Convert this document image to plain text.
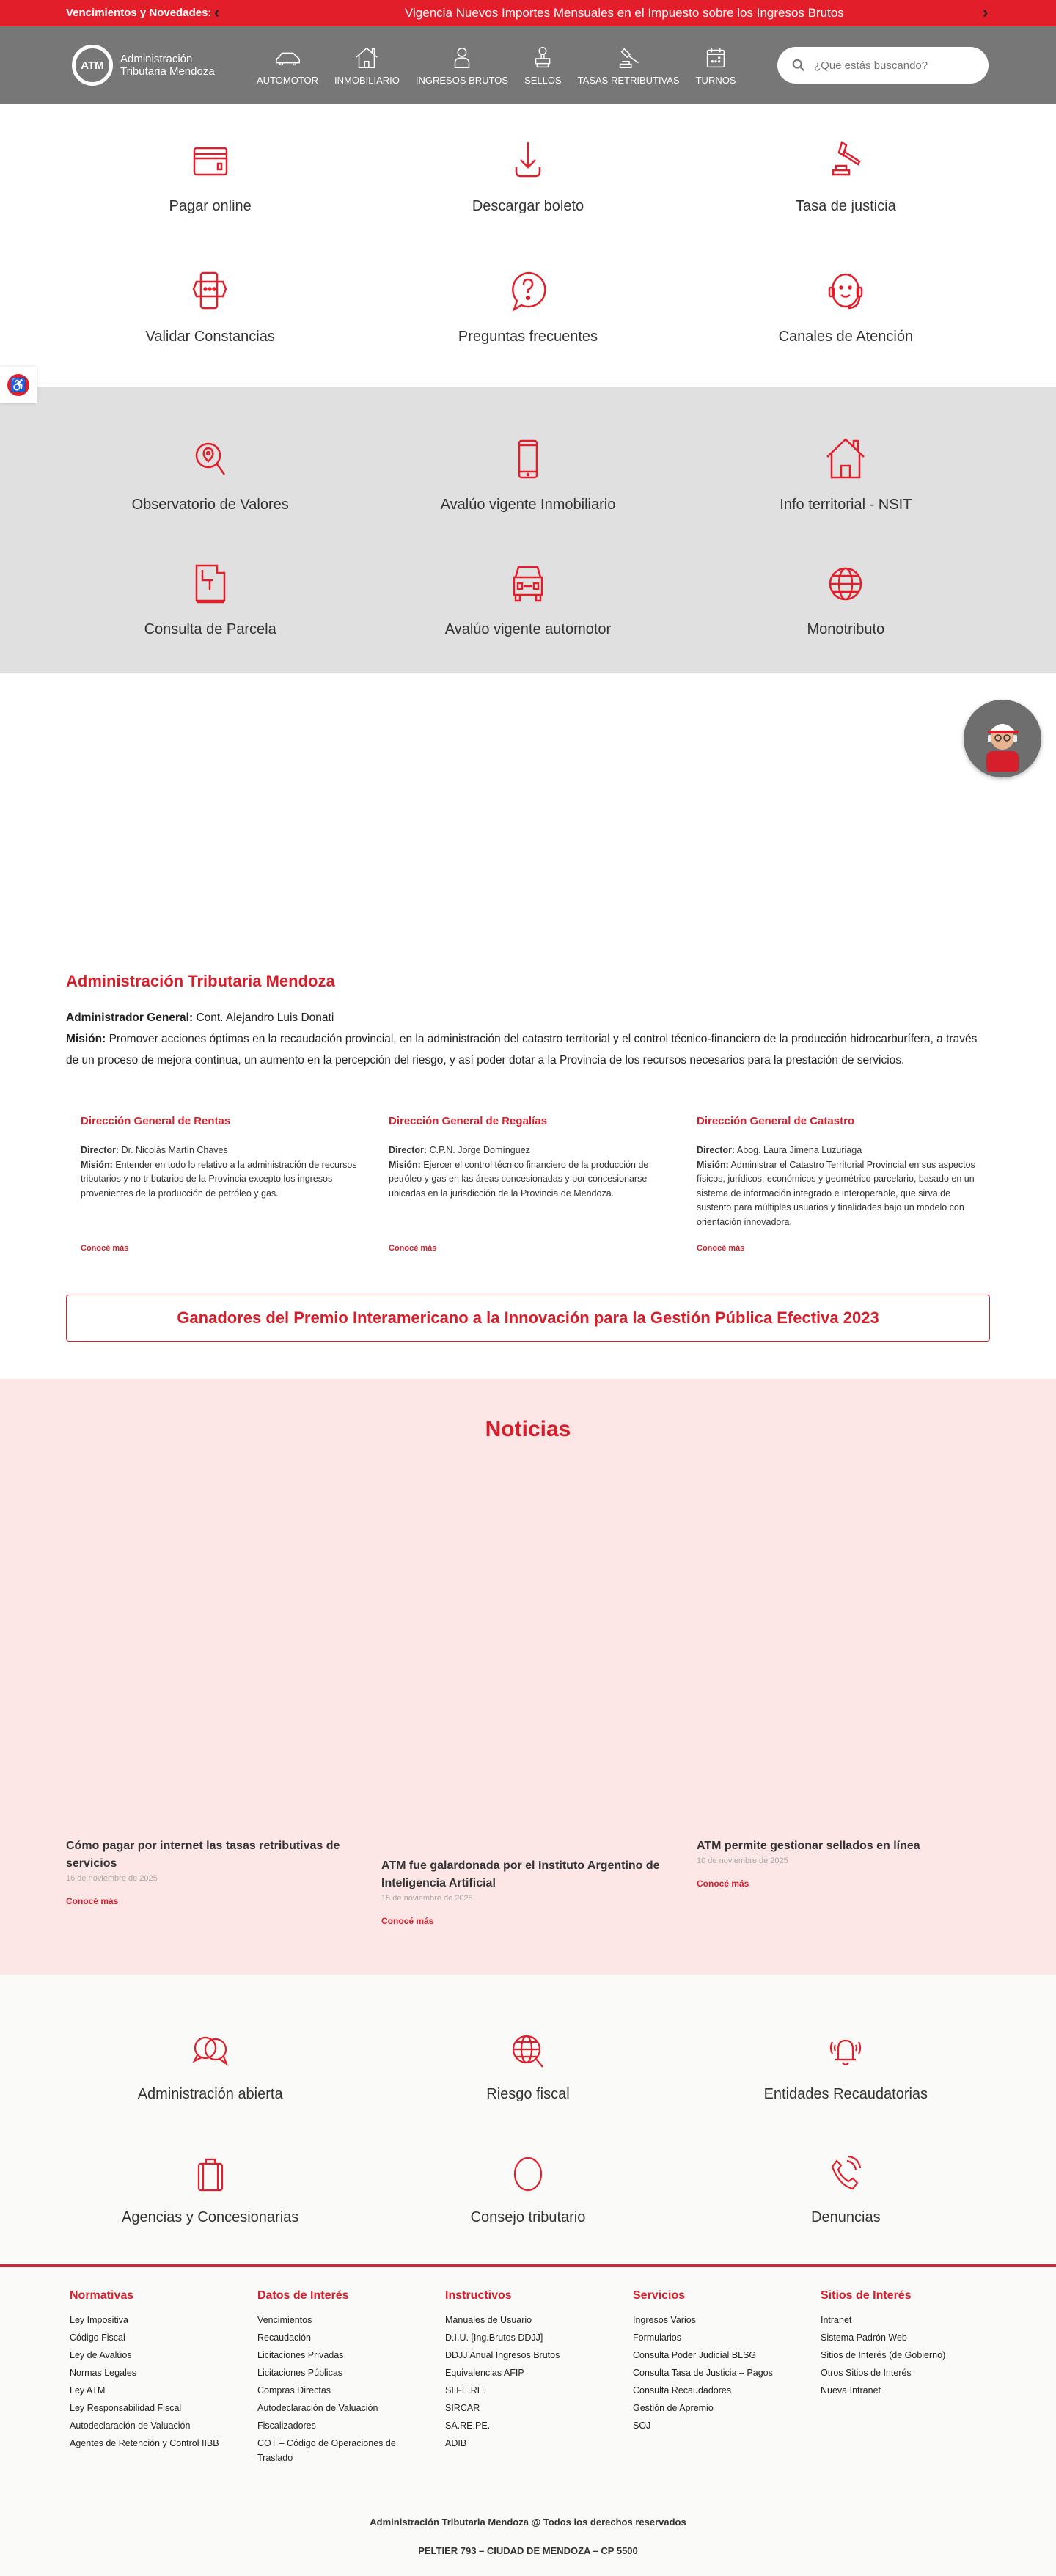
Vencimientos y Novedades: ‹	Vigencia Nuevos Importes Mensuales en el Impuesto sobre los Ingresos Brutos	›
ATM	Administración
Tributaria Mendoza
AUTOMOTOR INMOBILIARIO INGRESOS BRUTOS SELLOS TASAS RETRIBUTIVAS TURNOS
¿Que estás buscando?
♿
Pagar online	Descargar boleto	Tasa de justicia
Validar Constancias	Preguntas frecuentes	Canales de Atención
Observatorio de Valores	Avalúo vigente Inmobiliario	Info territorial - NSIT
Consulta de Parcela	Avalúo vigente automotor	Monotributo
Administración Tributaria Mendoza

Administrador General: Cont. Alejandro Luis Donati

Misión: Promover acciones óptimas en la recaudación provincial, en la administración del catastro territorial y el control técnico-financiero de la producción hidrocarburífera, a través de un proceso de mejora continua, un aumento en la percepción del riesgo, y así poder dotar a la Provincia de los recursos necesarios para la prestación de servicios.

Dirección General de Rentas

Director: Dr. Nicolás Martín Chaves

Misión: Entender en todo lo relativo a la administración de recursos tributarios y no tributarios de la Provincia excepto los ingresos provenientes de la producción de petróleo y gas.

Conocé más
Dirección General de Regalías

Director: C.P.N. Jorge Domínguez

Misión: Ejercer el control técnico financiero de la producción de petróleo y gas en las áreas concesionadas y por concesionarse ubicadas en la jurisdicción de la Provincia de Mendoza.

Conocé más
Dirección General de Catastro

Director: Abog. Laura Jimena Luzuriaga

Misión: Administrar el Catastro Territorial Provincial en sus aspectos físicos, jurídicos, económicos y geométrico parcelario, basado en un sistema de información integrado e interoperable, que sirva de sustento para múltiples usuarios y finalidades bajo un modelo con orientación innovadora.

Conocé más
Ganadores del Premio Interamericano a la Innovación para la Gestión Pública Efectiva 2023
Noticias
Cómo pagar por internet las tasas retributivas de servicios
16 de noviembre de 2025
Conocé más
ATM fue galardonada por el Instituto Argentino de Inteligencia Artificial
15 de noviembre de 2025
Conocé más
ATM permite gestionar sellados en línea
10 de noviembre de 2025
Conocé más
Administración abierta	Riesgo fiscal	Entidades Recaudatorias
Agencias y Concesionarias	Consejo tributario	Denuncias
Normativas
Ley Impositiva
Código Fiscal
Ley de Avalúos
Normas Legales
Ley ATM
Ley Responsabilidad Fiscal
Autodeclaración de Valuación
Agentes de Retención y Control IIBB
Datos de Interés
Vencimientos
Recaudación
Licitaciones Privadas
Licitaciones Públicas
Compras Directas
Autodeclaración de Valuación
Fiscalizadores
COT – Código de Operaciones de Traslado
Instructivos
Manuales de Usuario
D.I.U. [Ing.Brutos DDJJ]
DDJJ Anual Ingresos Brutos
Equivalencias AFIP
SI.FE.RE.
SIRCAR
SA.RE.PE.
ADIB
Servicios
Ingresos Varios
Formularios
Consulta Poder Judicial BLSG
Consulta Tasa de Justicia – Pagos
Consulta Recaudadores
Gestión de Apremio
SOJ
Sitios de Interés
Intranet
Sistema Padrón Web
Sitios de Interés (de Gobierno)
Otros Sitios de Interés
Nueva Intranet
Administración Tributaria Mendoza @ Todos los derechos reservados
PELTIER 793 – CIUDAD DE MENDOZA – CP 5500
